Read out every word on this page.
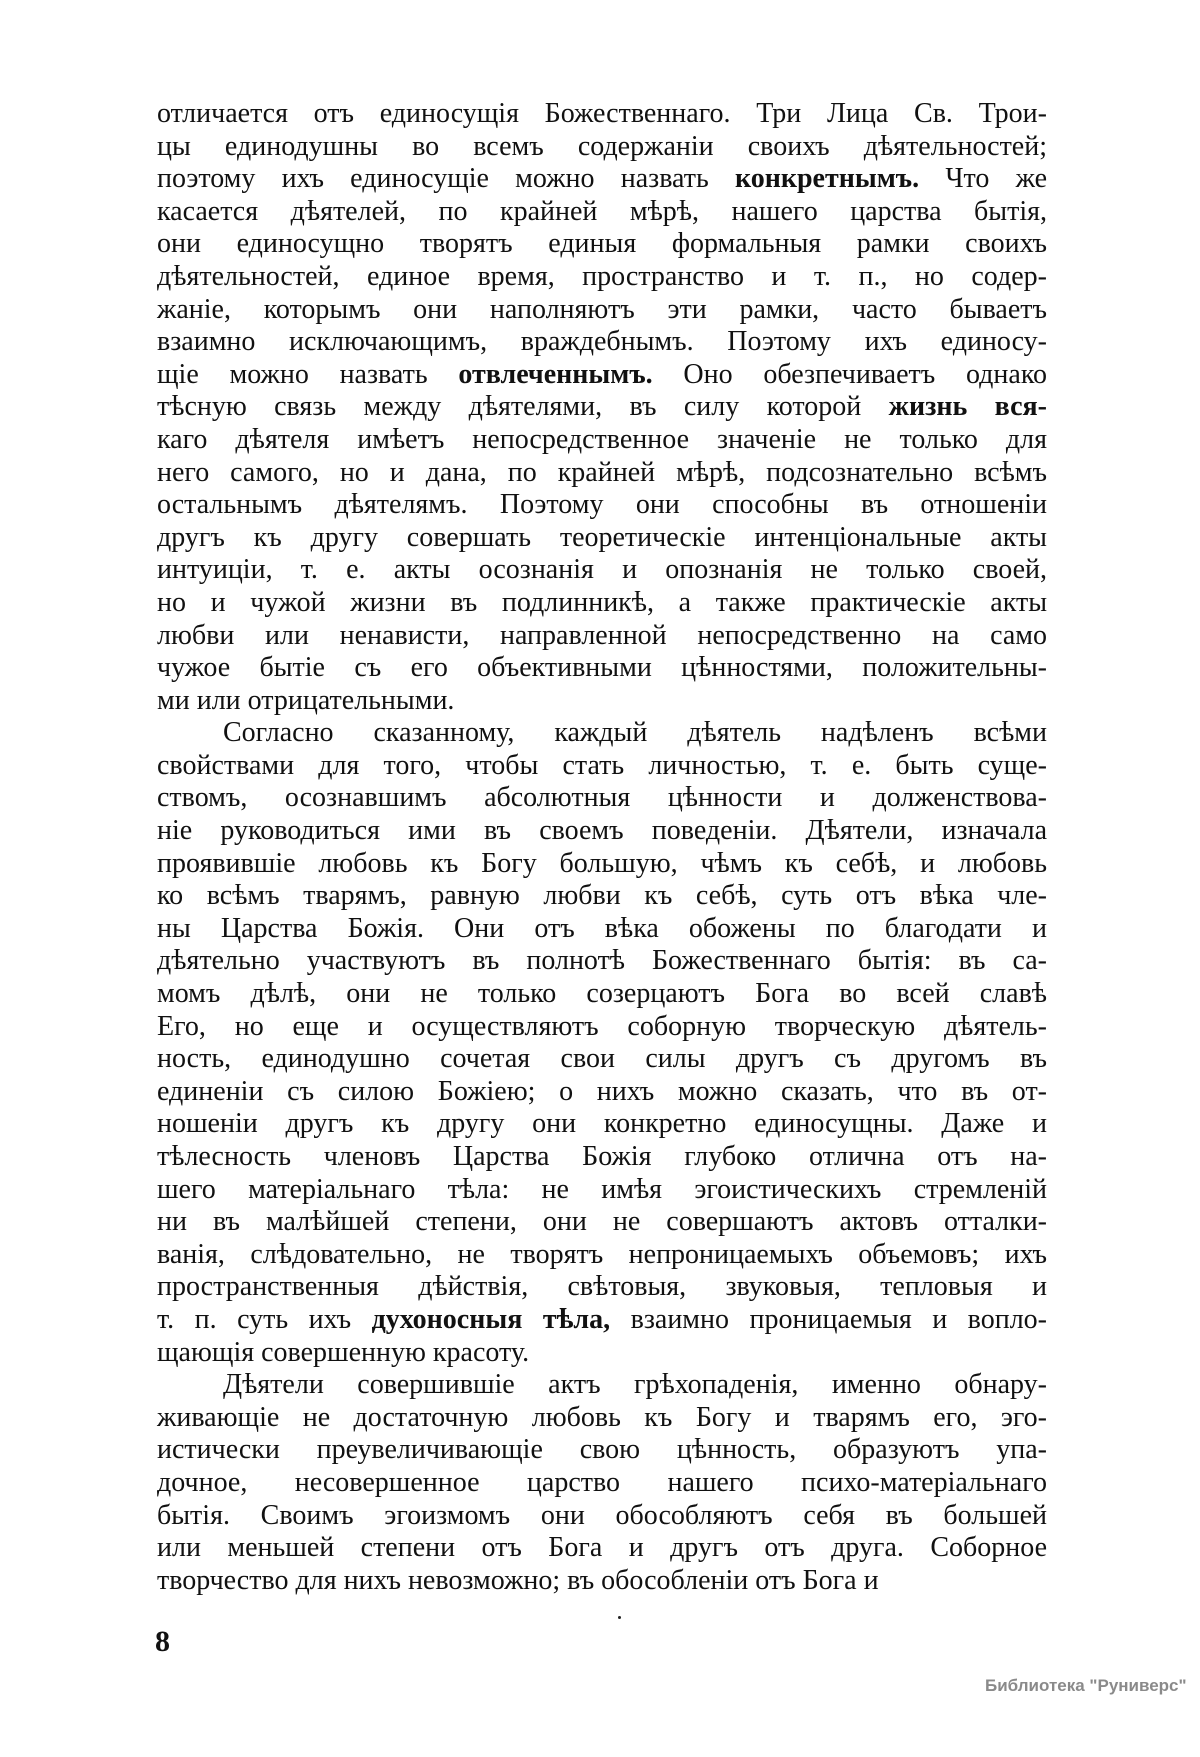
отличается отъ единосущія Божественнаго. Три Лица Св. Трои-
цы единодушны во всемъ содержаніи своихъ дѣятельностей;
поэтому ихъ единосущіе можно назвать конкретнымъ. Что же
касается дѣятелей, по крайней мѣрѣ, нашего царства бытія,
они единосущно творятъ единыя формальныя рамки своихъ
дѣятельностей, единое время, пространство и т. п., но содер-
жаніе, которымъ они наполняютъ эти рамки, часто бываетъ
взаимно исключающимъ, враждебнымъ. Поэтому ихъ единосу-
щіе можно назвать отвлеченнымъ. Оно обезпечиваетъ однако
тѣсную связь между дѣятелями, въ силу которой жизнь вся-
каго дѣятеля имѣетъ непосредственное значеніе не только для
него самого, но и дана, по крайней мѣрѣ, подсознательно всѣмъ
остальнымъ дѣятелямъ. Поэтому они способны въ отношеніи
другъ къ другу совершать теоретическіе интенціональные акты
интуиціи, т. е. акты осознанія и опознанія не только своей,
но и чужой жизни въ подлинникѣ, а также практическіе акты
любви или ненависти, направленной непосредственно на само
чужое бытіе съ его объективными цѣнностями, положительны-
ми или отрицательными.
Согласно сказанному, каждый дѣятель надѣленъ всѣми
свойствами для того, чтобы стать личностью, т. е. быть суще-
ствомъ, осознавшимъ абсолютныя цѣнности и долженствова-
ніе руководиться ими въ своемъ поведеніи. Дѣятели, изначала
проявившіе любовь къ Богу большую, чѣмъ къ себѣ, и любовь
ко всѣмъ тварямъ, равную любви къ себѣ, суть отъ вѣка чле-
ны Царства Божія. Они отъ вѣка обожены по благодати и
дѣятельно участвуютъ въ полнотѣ Божественнаго бытія: въ са-
момъ дѣлѣ, они не только созерцаютъ Бога во всей славѣ
Его, но еще и осуществляютъ соборную творческую дѣятель-
ность, единодушно сочетая свои силы другъ съ другомъ въ
единеніи съ силою Божіею; о нихъ можно сказать, что въ от-
ношеніи другъ къ другу они конкретно единосущны. Даже и
тѣлесность членовъ Царства Божія глубоко отлична отъ на-
шего матеріальнаго тѣла: не имѣя эгоистическихъ стремленій
ни въ малѣйшей степени, они не совершаютъ актовъ отталки-
ванія, слѣдовательно, не творятъ непроницаемыхъ объемовъ; ихъ
пространственныя дѣйствія, свѣтовыя, звуковыя, тепловыя и
т. п. суть ихъ духоносныя тѣла, взаимно проницаемыя и вопло-
щающія совершенную красоту.
Дѣятели совершившіе актъ грѣхопаденія, именно обнару-
живающіе не достаточную любовь къ Богу и тварямъ его, эго-
истически преувеличивающіе свою цѣнность, образуютъ упа-
дочное, несовершенное царство нашего психо-матеріальнаго
бытія. Своимъ эгоизмомъ они обособляютъ себя въ большей
или меньшей степени отъ Бога и другъ отъ друга. Соборное
творчество для нихъ невозможно; въ обособленіи отъ Бога и
8
Библиотека "Руниверс"
